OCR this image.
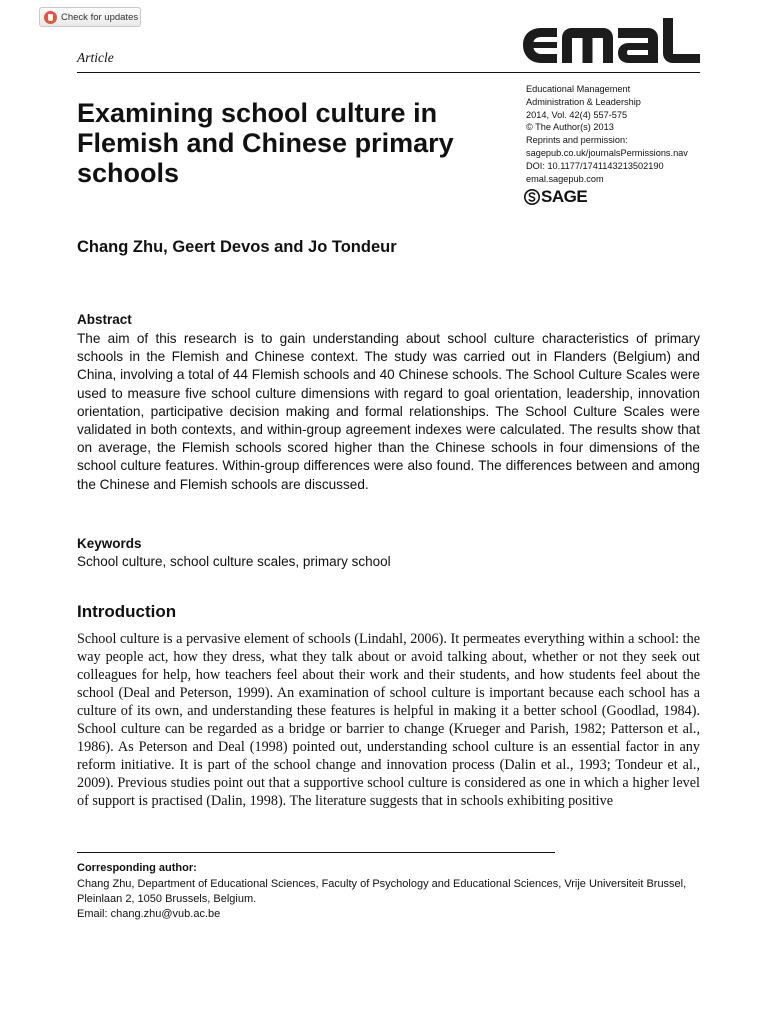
Check for updates
Article
Educational Management
Administration & Leadership
2014, Vol. 42(4) 557-575
© The Author(s) 2013
Reprints and permission:
sagepub.co.uk/journalsPermissions.nav
DOI: 10.1177/1741143213502190
emal.sagepub.com
SAGE
Examining school culture in Flemish and Chinese primary schools
Chang Zhu, Geert Devos and Jo Tondeur
Abstract

The aim of this research is to gain understanding about school culture characteristics of primary schools in the Flemish and Chinese context. The study was carried out in Flanders (Belgium) and China, involving a total of 44 Flemish schools and 40 Chinese schools. The School Culture Scales were used to measure five school culture dimensions with regard to goal orientation, leadership, innovation orientation, participative decision making and formal relationships. The School Culture Scales were validated in both contexts, and within-group agreement indexes were calculated. The results show that on average, the Flemish schools scored higher than the Chinese schools in four dimensions of the school culture features. Within-group differences were also found. The differences between and among the Chinese and Flemish schools are discussed.

Keywords
School culture, school culture scales, primary school
Introduction

School culture is a pervasive element of schools (Lindahl, 2006). It permeates everything within a school: the way people act, how they dress, what they talk about or avoid talking about, whether or not they seek out colleagues for help, how teachers feel about their work and their students, and how students feel about the school (Deal and Peterson, 1999). An examination of school culture is important because each school has a culture of its own, and understanding these features is helpful in making it a better school (Goodlad, 1984). School culture can be regarded as a bridge or barrier to change (Krueger and Parish, 1982; Patterson et al., 1986). As Peterson and Deal (1998) pointed out, understanding school culture is an essential factor in any reform initiative. It is part of the school change and innovation process (Dalin et al., 1993; Tondeur et al., 2009). Previous studies point out that a supportive school culture is considered as one in which a higher level of support is practised (Dalin, 1998). The literature suggests that in schools exhibiting positive

Corresponding author:
Chang Zhu, Department of Educational Sciences, Faculty of Psychology and Educational Sciences, Vrije Universiteit Brussel,
Pleinlaan 2, 1050 Brussels, Belgium.
Email: chang.zhu@vub.ac.be
